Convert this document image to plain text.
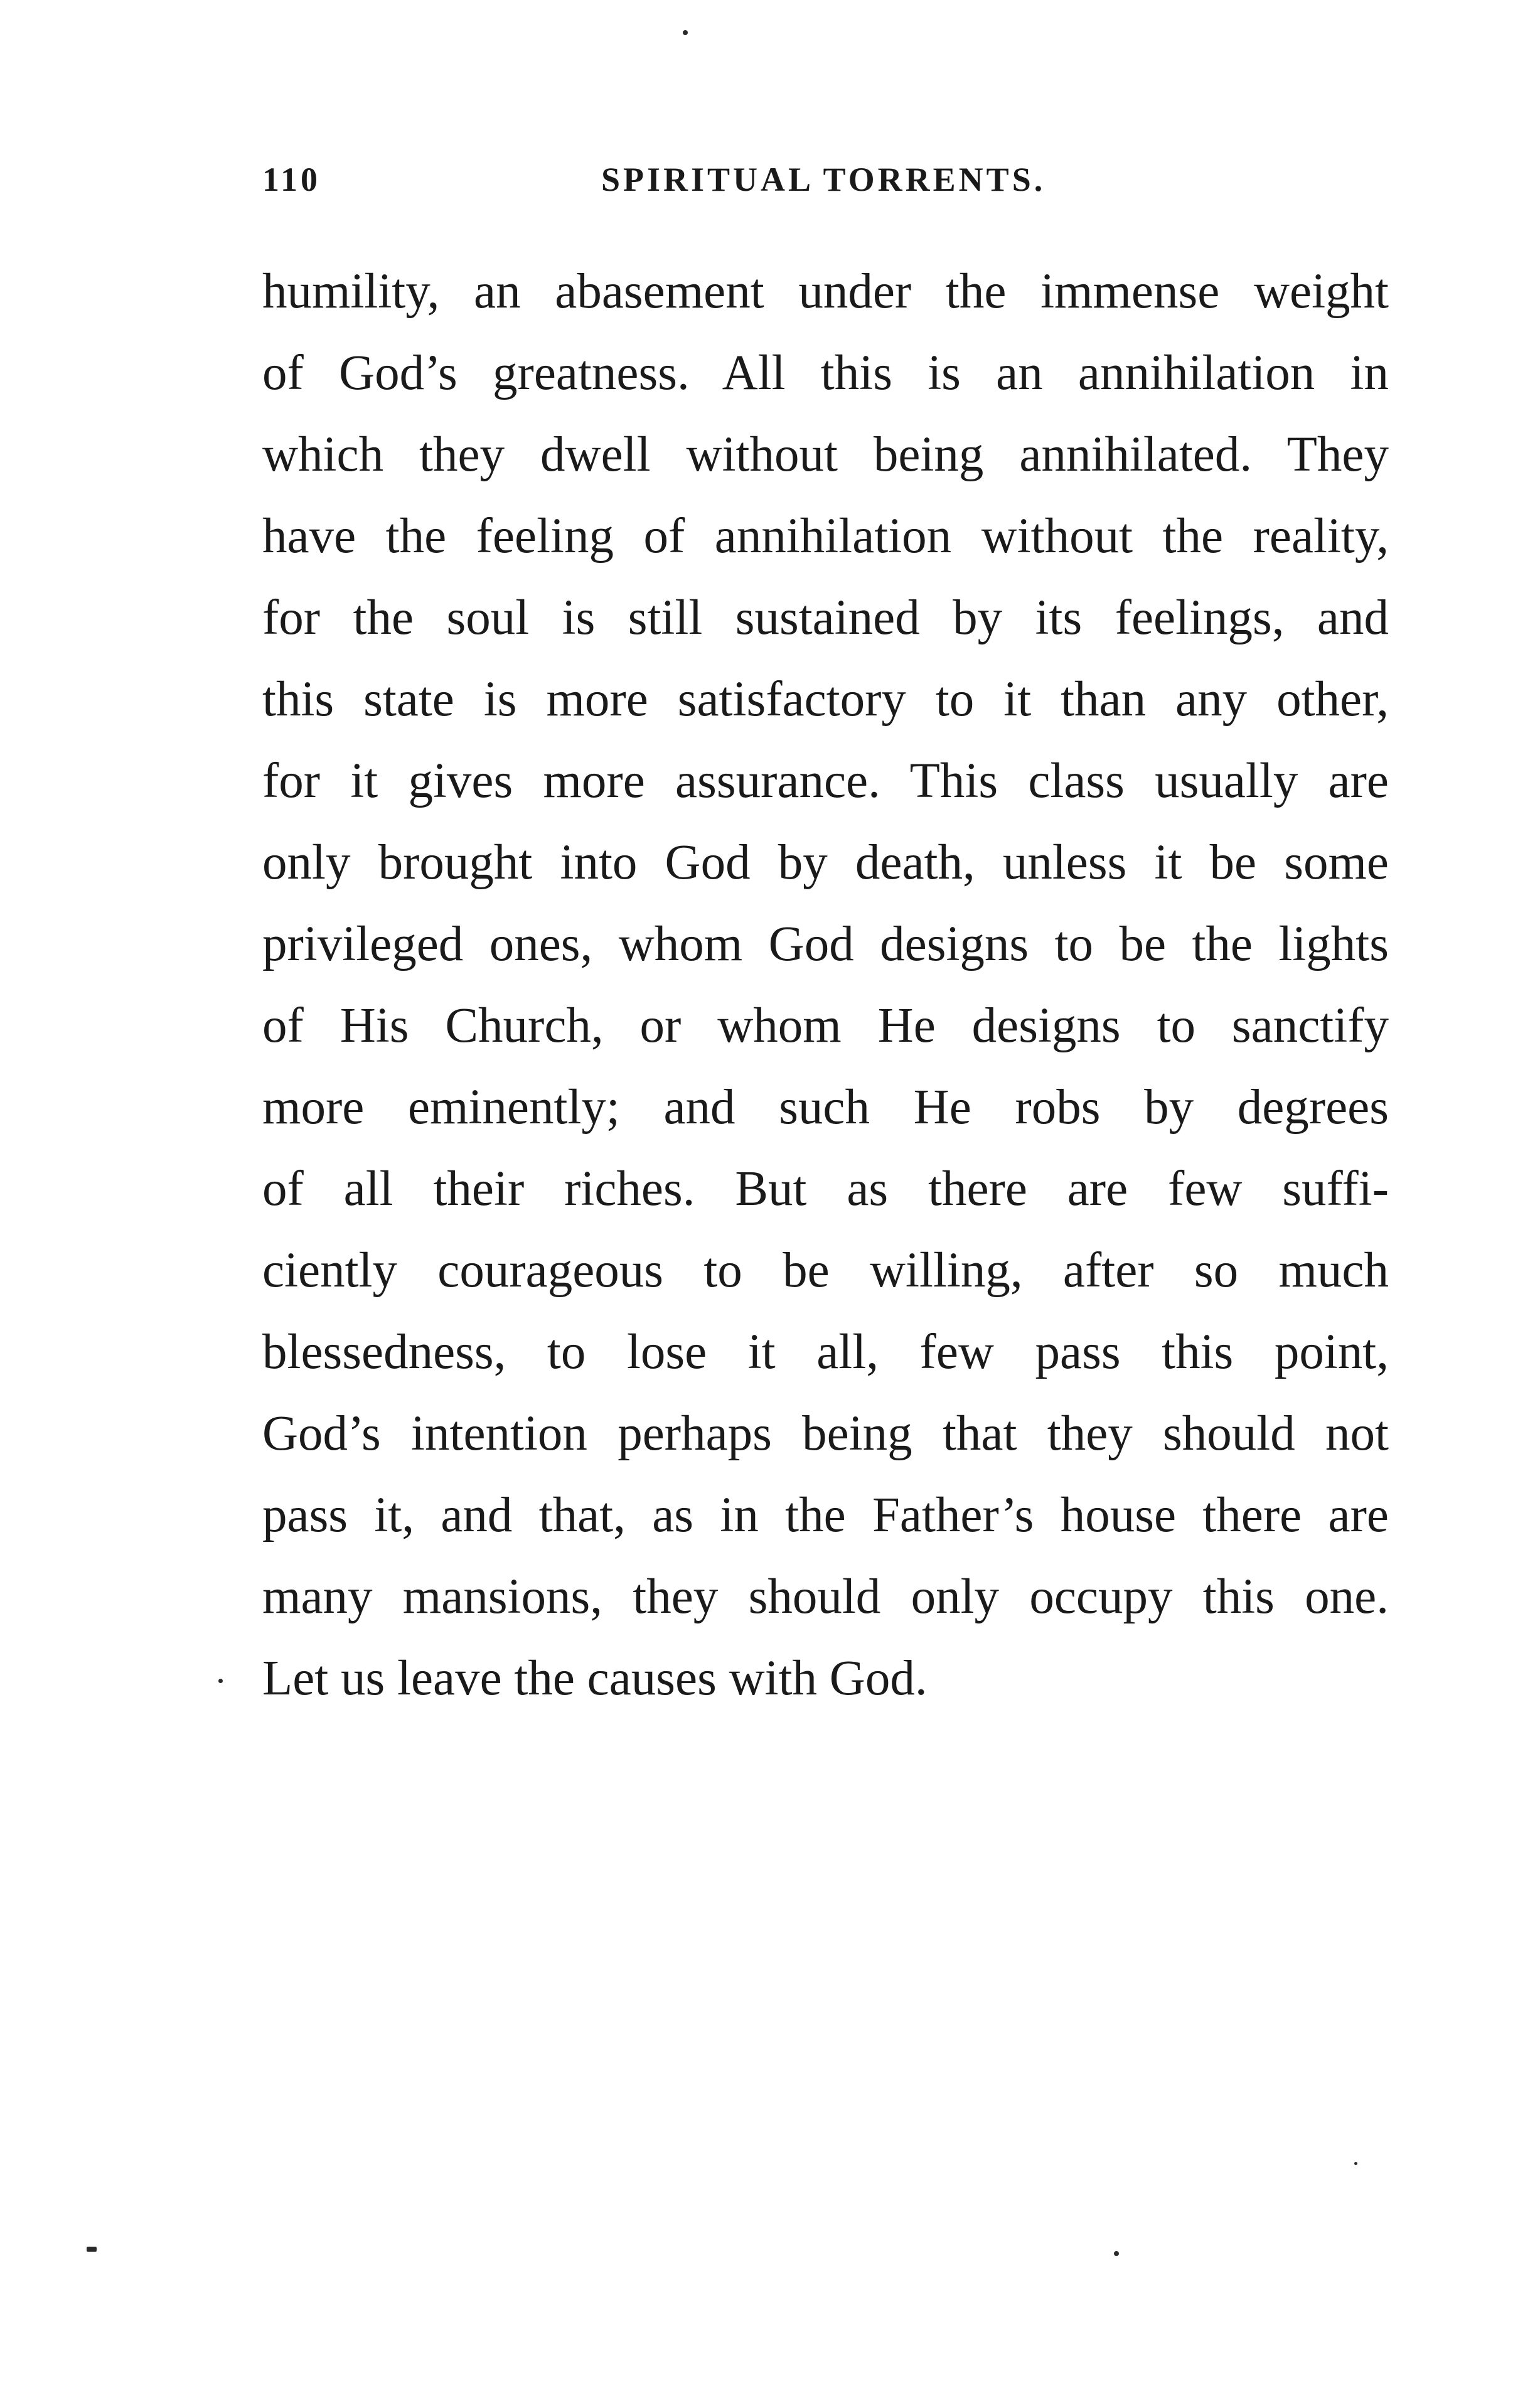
110	SPIRITUAL TORRENTS.
humility, an abasement under the immense weight
of God’s greatness. All this is an annihilation in
which they dwell without being annihilated. They
have the feeling of annihilation without the reality,
for the soul is still sustained by its feelings, and
this state is more satisfactory to it than any other,
for it gives more assurance. This class usually are
only brought into God by death, unless it be some
privileged ones, whom God designs to be the lights
of His Church, or whom He designs to sanctify
more eminently; and such He robs by degrees
of all their riches. But as there are few suffi-
ciently courageous to be willing, after so much
blessedness, to lose it all, few pass this point,
God’s intention perhaps being that they should not
pass it, and that, as in the Father’s house there are
many mansions, they should only occupy this one.
Let us leave the causes with God.
